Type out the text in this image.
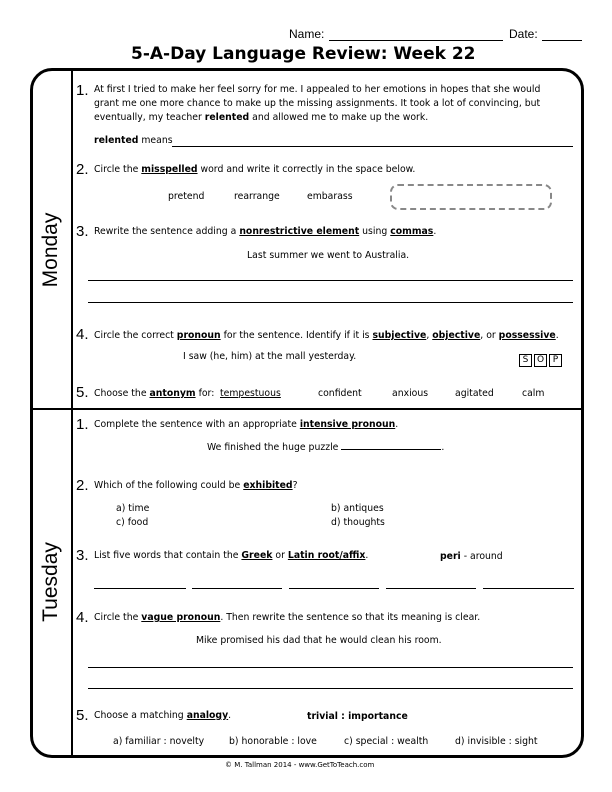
Name:	Date:
5-A-Day Language Review: Week 22
Monday
Tuesday
1. At first I tried to make her feel sorry for me. I appealed to her emotions in hopes that she would
grant me one more chance to make up the missing assignments. It took a lot of convincing, but
eventually, my teacher relented and allowed me to make up the work.
relented means
2. Circle the misspelled word and write it correctly in the space below.
pretend	rearrange	embarass
3. Rewrite the sentence adding a nonrestrictive element using commas.
Last summer we went to Australia.
4. Circle the correct pronoun for the sentence. Identify if it is subjective, objective, or possessive.
I saw (he, him) at the mall yesterday.	S O P
5. Choose the antonym for: tempestuous	confident	anxious	agitated	calm
1. Complete the sentence with an appropriate intensive pronoun.
We finished the huge puzzle	.
2. Which of the following could be exhibited?
a) time	b) antiques
c) food	d) thoughts
3. List five words that contain the Greek or Latin root/affix.	peri - around
4. Circle the vague pronoun. Then rewrite the sentence so that its meaning is clear.
Mike promised his dad that he would clean his room.
5. Choose a matching analogy.	trivial : importance
a) familiar : novelty	b) honorable : love	c) special : wealth	d) invisible : sight
© M. Tallman 2014 - www.GetToTeach.com
